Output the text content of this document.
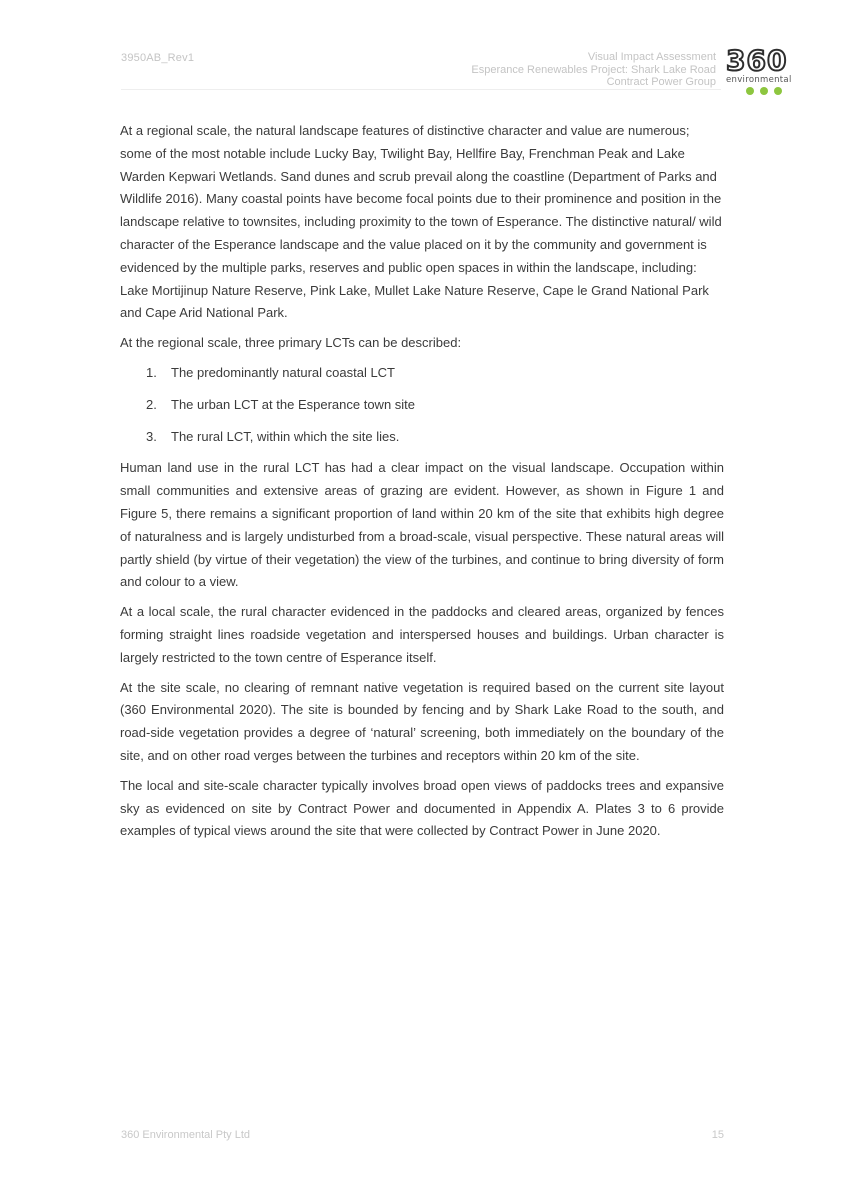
3950AB_Rev1	Visual Impact Assessment
Esperance Renewables Project: Shark Lake Road
Contract Power Group
360
environmental

At a regional scale, the natural landscape features of distinctive character and value are numerous; some of the most notable include Lucky Bay, Twilight Bay, Hellfire Bay, Frenchman Peak and Lake Warden Kepwari Wetlands. Sand dunes and scrub prevail along the coastline (Department of Parks and Wildlife 2016). Many coastal points have become focal points due to their prominence and position in the landscape relative to townsites, including proximity to the town of Esperance. The distinctive natural/ wild character of the Esperance landscape and the value placed on it by the community and government is evidenced by the multiple parks, reserves and public open spaces in within the landscape, including: Lake Mortijinup Nature Reserve, Pink Lake, Mullet Lake Nature Reserve, Cape le Grand National Park and Cape Arid National Park.

At the regional scale, three primary LCTs can be described:

1. The predominantly natural coastal LCT
2. The urban LCT at the Esperance town site
3. The rural LCT, within which the site lies.

Human land use in the rural LCT has had a clear impact on the visual landscape. Occupation within small communities and extensive areas of grazing are evident. However, as shown in Figure 1 and Figure 5, there remains a significant proportion of land within 20 km of the site that exhibits high degree of naturalness and is largely undisturbed from a broad-scale, visual perspective. These natural areas will partly shield (by virtue of their vegetation) the view of the turbines, and continue to bring diversity of form and colour to a view.

At a local scale, the rural character evidenced in the paddocks and cleared areas, organized by fences forming straight lines roadside vegetation and interspersed houses and buildings. Urban character is largely restricted to the town centre of Esperance itself.

At the site scale, no clearing of remnant native vegetation is required based on the current site layout (360 Environmental 2020). The site is bounded by fencing and by Shark Lake Road to the south, and road-side vegetation provides a degree of ‘natural’ screening, both immediately on the boundary of the site, and on other road verges between the turbines and receptors within 20 km of the site.

The local and site-scale character typically involves broad open views of paddocks trees and expansive sky as evidenced on site by Contract Power and documented in Appendix A. Plates 3 to 6 provide examples of typical views around the site that were collected by Contract Power in June 2020.

360 Environmental Pty Ltd	15
